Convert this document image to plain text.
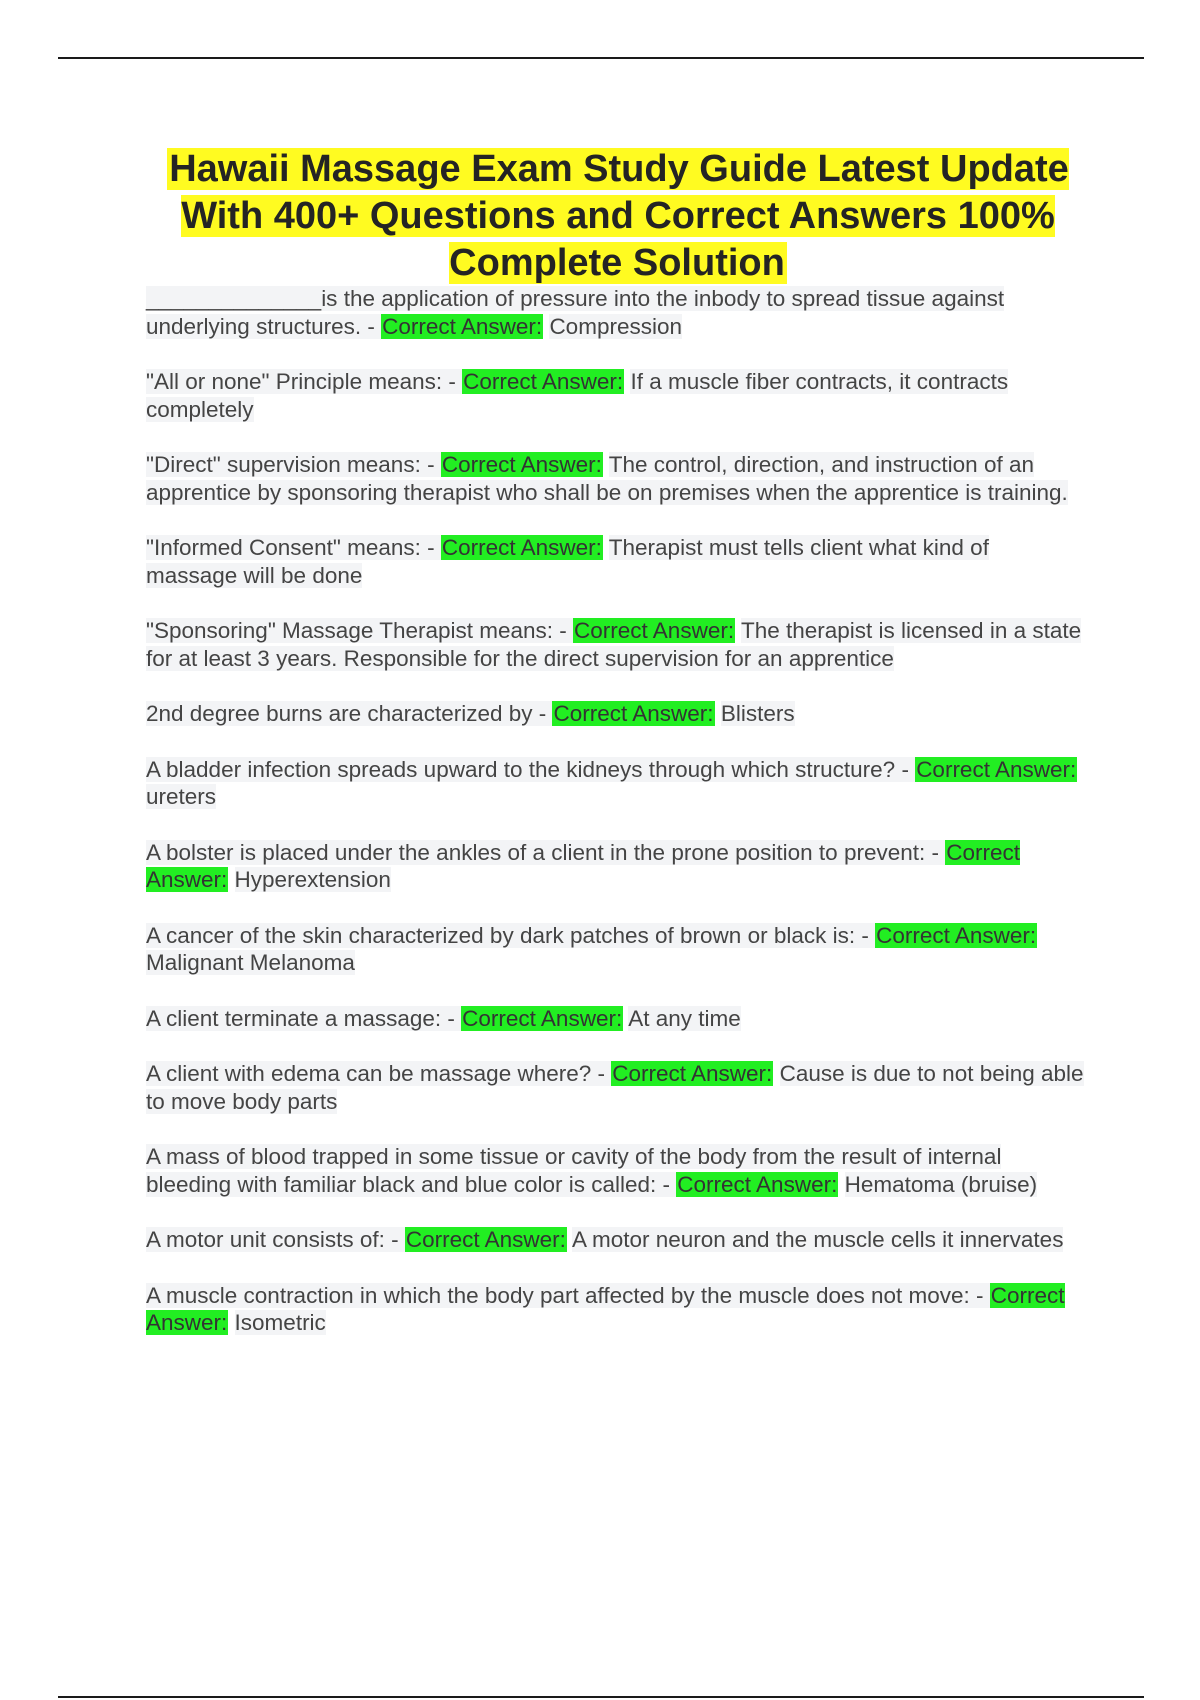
Hawaii Massage Exam Study Guide Latest Update With 400+ Questions and Correct Answers 100% Complete Solution

______________is the application of pressure into the inbody to spread tissue against underlying structures. - Correct Answer: Compression

"All or none" Principle means: - Correct Answer: If a muscle fiber contracts, it contracts completely

"Direct" supervision means: - Correct Answer: The control, direction, and instruction of an apprentice by sponsoring therapist who shall be on premises when the apprentice is training.

"Informed Consent" means: - Correct Answer: Therapist must tells client what kind of massage will be done

"Sponsoring" Massage Therapist means: - Correct Answer: The therapist is licensed in a state for at least 3 years. Responsible for the direct supervision for an apprentice

2nd degree burns are characterized by - Correct Answer: Blisters

A bladder infection spreads upward to the kidneys through which structure? - Correct Answer: ureters

A bolster is placed under the ankles of a client in the prone position to prevent: - Correct Answer: Hyperextension

A cancer of the skin characterized by dark patches of brown or black is: - Correct Answer: Malignant Melanoma

A client terminate a massage: - Correct Answer: At any time

A client with edema can be massage where? - Correct Answer: Cause is due to not being able to move body parts

A mass of blood trapped in some tissue or cavity of the body from the result of internal bleeding with familiar black and blue color is called: - Correct Answer: Hematoma (bruise)

A motor unit consists of: - Correct Answer: A motor neuron and the muscle cells it innervates

A muscle contraction in which the body part affected by the muscle does not move: - Correct Answer: Isometric
